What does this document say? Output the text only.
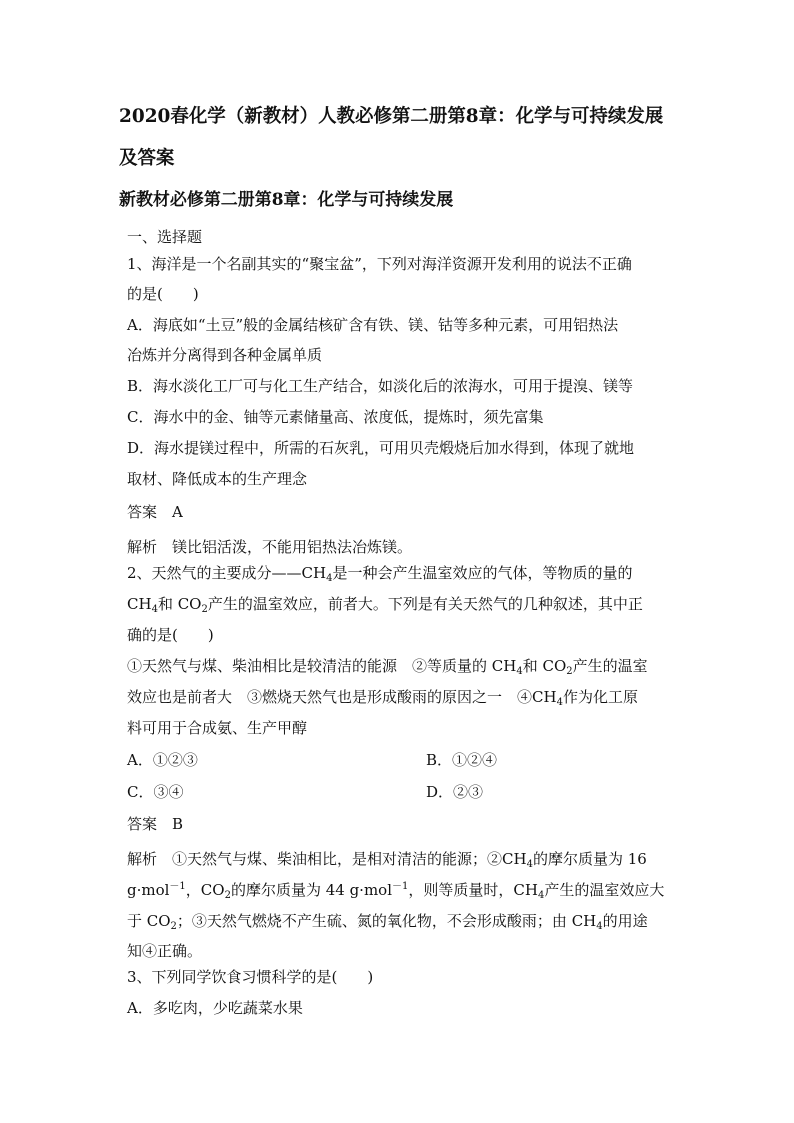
2020春化学（新教材）人教必修第二册第8章：化学与可持续发展
及答案
新教材必修第二册第8章：化学与可持续发展
一、选择题
1、海洋是一个名副其实的“聚宝盆”，下列对海洋资源开发利用的说法不正确
的是(　　)
A．海底如“土豆”般的金属结核矿含有铁、镁、钴等多种元素，可用铝热法
冶炼并分离得到各种金属单质
B．海水淡化工厂可与化工生产结合，如淡化后的浓海水，可用于提溴、镁等
C．海水中的金、铀等元素储量高、浓度低，提炼时，须先富集
D．海水提镁过程中，所需的石灰乳，可用贝壳煅烧后加水得到，体现了就地
取材、降低成本的生产理念
答案　A
解析　镁比铝活泼，不能用铝热法冶炼镁。
2、天然气的主要成分$——CH_4$是一种会产生温室效应的气体，等物质的量的
$CH_4$和 $CO_2$产生的温室效应，前者大。下列是有关天然气的几种叙述，其中正
确的是(　　)
①天然气与煤、柴油相比是较清洁的能源　②等质量的 $CH_4$和 $CO_2$产生的温室
效应也是前者大　③燃烧天然气也是形成酸雨的原因之一　$④CH_4$作为化工原
料可用于合成氨、生产甲醇
A．①②③	B．①②④
C．③④	D．②③
答案　B
解析　①天然气与煤、柴油相比，是相对清洁的能源；$②CH_4$的摩尔质量为 16
g·mol$^{-1}$，$CO_2$的摩尔质量为 44 g·mol$^{-1}$，则等质量时，$CH_4$产生的温室效应大
于 $CO_2$；③天然气燃烧不产生硫、氮的氧化物，不会形成酸雨；由 $CH_4$的用途
知④正确。
3、下列同学饮食习惯科学的是(　　)
A．多吃肉，少吃蔬菜水果
